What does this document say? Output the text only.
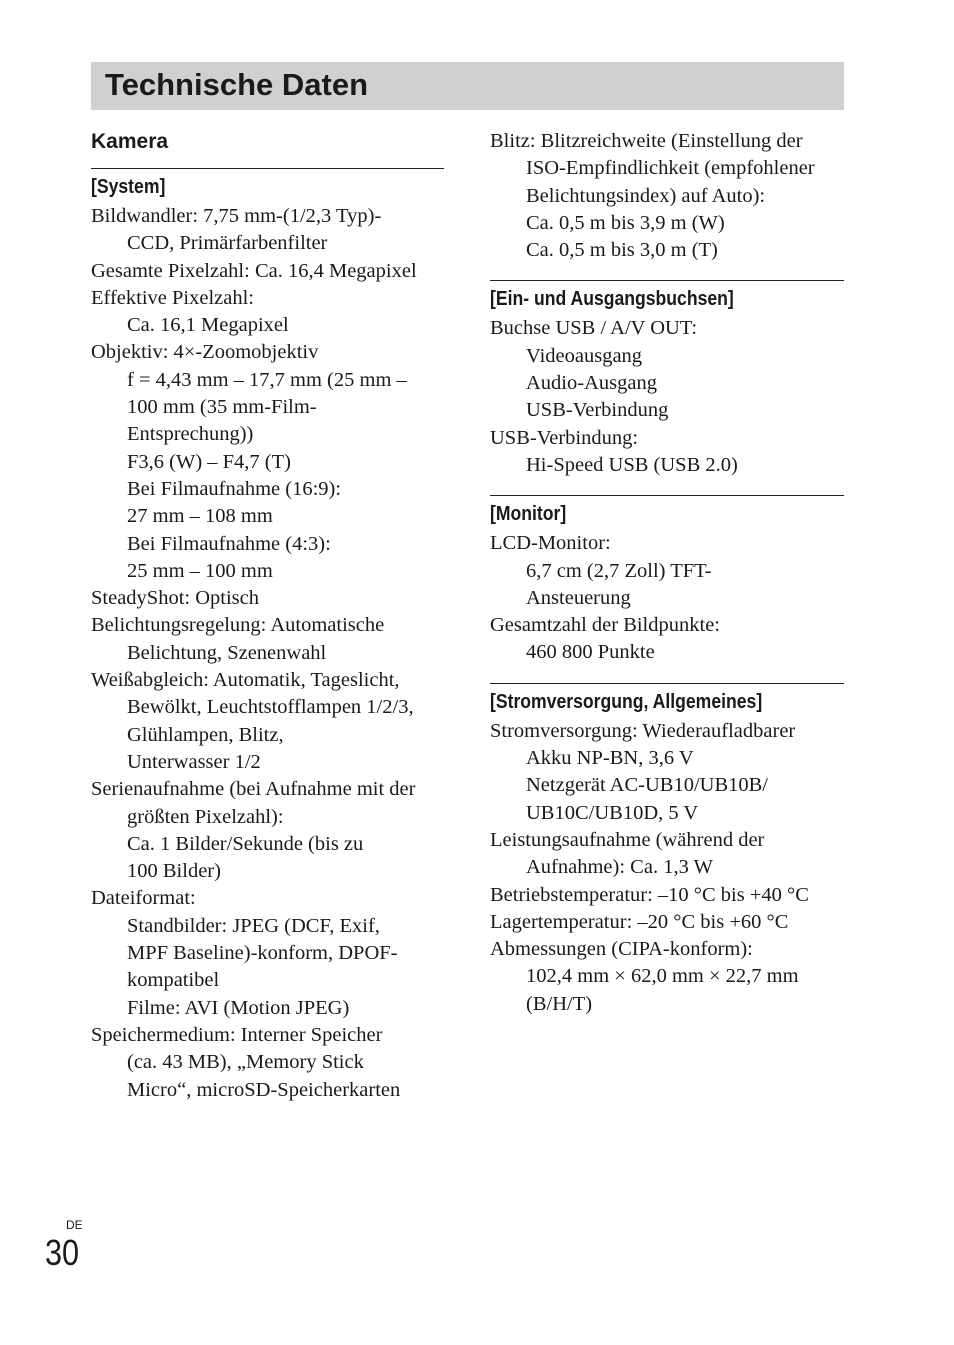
Technische Daten
Kamera
[System]
Bildwandler: 7,75 mm-(1/2,3 Typ)-
CCD, Primärfarbenfilter
Gesamte Pixelzahl: Ca. 16,4 Megapixel
Effektive Pixelzahl:
Ca. 16,1 Megapixel
Objektiv: 4×-Zoomobjektiv
f = 4,43 mm – 17,7 mm (25 mm –
100 mm (35 mm-Film-
Entsprechung))
F3,6 (W) – F4,7 (T)
Bei Filmaufnahme (16:9):
27 mm – 108 mm
Bei Filmaufnahme (4:3):
25 mm – 100 mm
SteadyShot: Optisch
Belichtungsregelung: Automatische
Belichtung, Szenenwahl
Weißabgleich: Automatik, Tageslicht,
Bewölkt, Leuchtstofflampen 1/2/3,
Glühlampen, Blitz,
Unterwasser 1/2
Serienaufnahme (bei Aufnahme mit der
größten Pixelzahl):
Ca. 1 Bilder/Sekunde (bis zu
100 Bilder)
Dateiformat:
Standbilder: JPEG (DCF, Exif,
MPF Baseline)-konform, DPOF-
kompatibel
Filme: AVI (Motion JPEG)
Speichermedium: Interner Speicher
(ca. 43 MB), „Memory Stick
Micro“, microSD-Speicherkarten
Blitz: Blitzreichweite (Einstellung der
ISO-Empfindlichkeit (empfohlener
Belichtungsindex) auf Auto):
Ca. 0,5 m bis 3,9 m (W)
Ca. 0,5 m bis 3,0 m (T)
[Ein- und Ausgangsbuchsen]
Buchse USB / A/V OUT:
Videoausgang
Audio-Ausgang
USB-Verbindung
USB-Verbindung:
Hi-Speed USB (USB 2.0)
[Monitor]
LCD-Monitor:
6,7 cm (2,7 Zoll) TFT-
Ansteuerung
Gesamtzahl der Bildpunkte:
460 800 Punkte
[Stromversorgung, Allgemeines]
Stromversorgung: Wiederaufladbarer
Akku NP-BN, 3,6 V
Netzgerät AC-UB10/UB10B/
UB10C/UB10D, 5 V
Leistungsaufnahme (während der
Aufnahme): Ca. 1,3 W
Betriebstemperatur: –10 °C bis +40 °C
Lagertemperatur: –20 °C bis +60 °C
Abmessungen (CIPA-konform):
102,4 mm × 62,0 mm × 22,7 mm
(B/H/T)
DE
30
